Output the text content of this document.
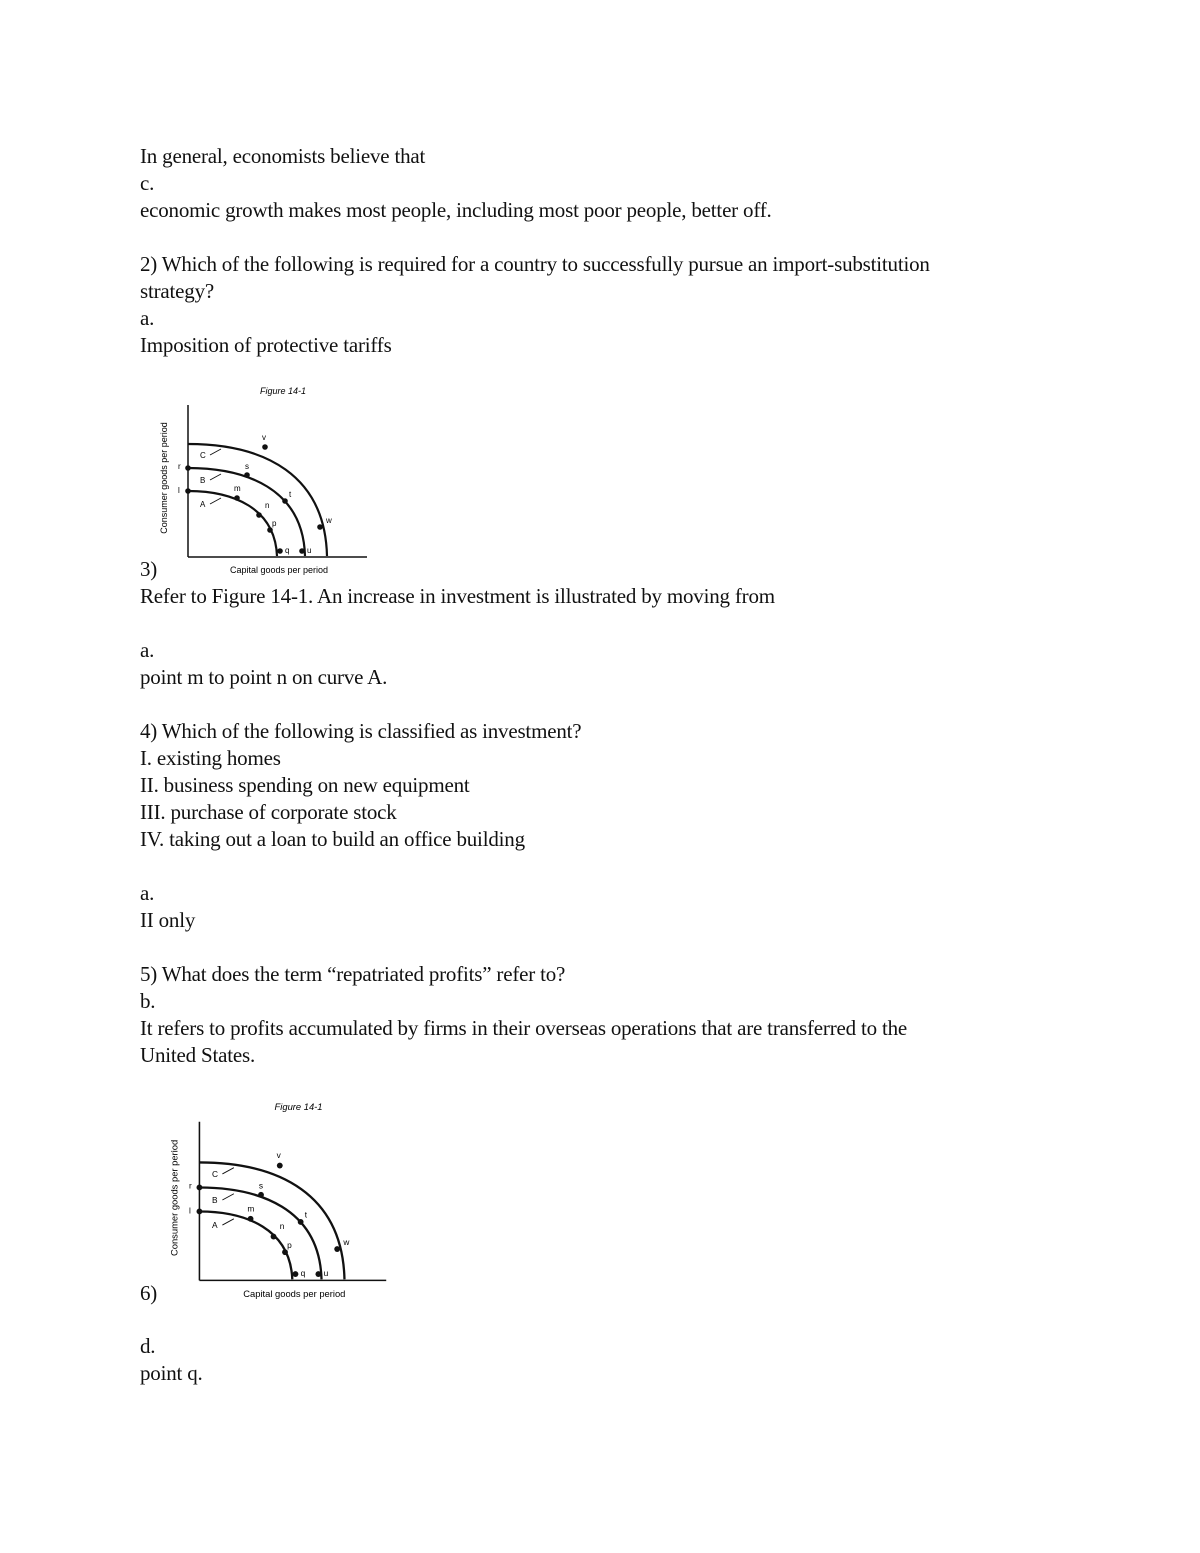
In general, economists believe that
c.
economic growth makes most people, including most poor people, better off.
2) Which of the following is required for a country to successfully pursue an import-substitution
strategy?
a.
Imposition of protective tariffs
Figure 14-1
Consumer goods per period
Capital goods per period
C
B
A
r
l
v
s
m
t
n
w
p
q u
3)
Refer to Figure 14-1. An increase in investment is illustrated by moving from
a.
point m to point n on curve A.
4) Which of the following is classified as investment?
I. existing homes
II. business spending on new equipment
III. purchase of corporate stock
IV. taking out a loan to build an office building
a.
II only
5) What does the term “repatriated profits” refer to?
b.
It refers to profits accumulated by firms in their overseas operations that are transferred to the
United States.
Figure 14-1
Consumer goods per period
Capital goods per period
C
B
A
r
l
v
s
m
t
n
w
p
q u
6)
d.
point q.
